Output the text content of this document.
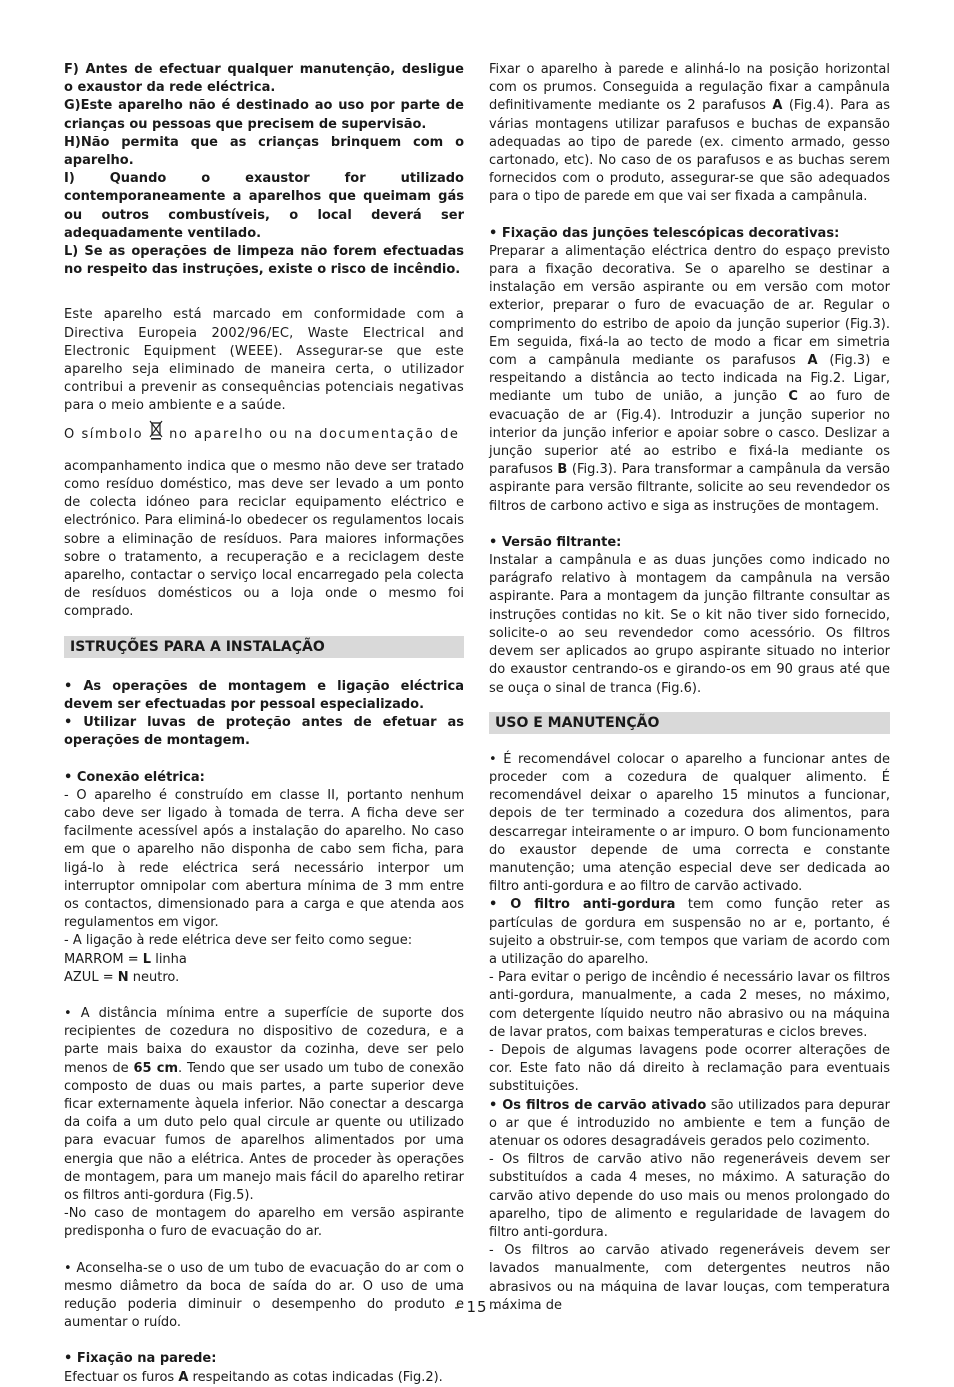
F) Antes de efectuar qualquer manutenção, desligue o exaustor da rede eléctrica.

G)Este aparelho não é destinado ao uso por parte de crianças ou pessoas que precisem de supervisão.

H)Não permita que as crianças brinquem com o aparelho.

I) Quando o exaustor for utilizado contemporaneamente a aparelhos que queimam gás ou outros combustíveis, o local deverá ser adequadamente ventilado.

L) Se as operações de limpeza não forem efectuadas no respeito das instruções, existe o risco de incêndio.

Este aparelho está marcado em conformidade com a Directiva Europeia 2002/96/EC, Waste Electrical and Electronic Equipment (WEEE). Assegurar-se que este aparelho seja eliminado de maneira certa, o utilizador contribui a prevenir as consequências potenciais negativas para o meio ambiente e a saúde.

O símbolo no aparelho ou na documentação de

acompanhamento indica que o mesmo não deve ser tratado como resíduo doméstico, mas deve ser levado a um ponto de colecta idóneo para reciclar equipamento eléctrico e electrónico. Para eliminá-lo obedecer os regulamentos locais sobre a eliminação de resíduos. Para maiores informações sobre o tratamento, a recuperação e a reciclagem deste aparelho, contactar o serviço local encarregado pela colecta de resíduos domésticos ou a loja onde o mesmo foi comprado.

ISTRUÇÕES PARA A INSTALAÇÃO

• As operações de montagem e ligação eléctrica devem ser efectuadas por pessoal especializado.

• Utilizar luvas de proteção antes de efetuar as operações de montagem.

• Conexão elétrica:

- O aparelho é construído em classe II, portanto nenhum cabo deve ser ligado à tomada de terra. A ficha deve ser facilmente acessível após a instalação do aparelho. No caso em que o aparelho não disponha de cabo sem ficha, para ligá-lo à rede eléctrica será necessário interpor um interruptor omnipolar com abertura mínima de 3 mm entre os contactos, dimensionado para a carga e que atenda aos regulamentos em vigor.

- A ligação à rede elétrica deve ser feito como segue:

MARROM = L linha

AZUL = N neutro.

• A distância mínima entre a superfície de suporte dos recipientes de cozedura no dispositivo de cozedura, e a parte mais baixa do exaustor da cozinha, deve ser pelo menos de 65 cm. Tendo que ser usado um tubo de conexão composto de duas ou mais partes, a parte superior deve ficar externamente àquela inferior. Não conectar a descarga da coifa a um duto pelo qual circule ar quente ou utilizado para evacuar fumos de aparelhos alimentados por uma energia que não a elétrica. Antes de proceder às operações de montagem, para um manejo mais fácil do aparelho retirar os filtros anti-gordura (Fig.5).

-No caso de montagem do aparelho em versão aspirante predisponha o furo de evacuação do ar.

• Aconselha-se o uso de um tubo de evacuação do ar com o mesmo diâmetro da boca de saída do ar. O uso de uma redução poderia diminuir o desempenho do produto e aumentar o ruído.

• Fixação na parede:

Efectuar os furos A respeitando as cotas indicadas (Fig.2).

Fixar o aparelho à parede e alinhá-lo na posição horizontal com os prumos. Conseguida a regulação fixar a campânula definitivamente mediante os 2 parafusos A (Fig.4). Para as várias montagens utilizar parafusos e buchas de expansão adequadas ao tipo de parede (ex. cimento armado, gesso cartonado, etc). No caso de os parafusos e as buchas serem fornecidos com o produto, assegurar-se que são adequados para o tipo de parede em que vai ser fixada a campânula.

• Fixação das junções telescópicas decorativas:

Preparar a alimentação eléctrica dentro do espaço previsto para a fixação decorativa. Se o aparelho se destinar a instalação em versão aspirante ou em versão com motor exterior, preparar o furo de evacuação de ar. Regular o comprimento do estribo de apoio da junção superior (Fig.3). Em seguida, fixá-la ao tecto de modo a ficar em simetria com a campânula mediante os parafusos A (Fig.3) e respeitando a distância ao tecto indicada na Fig.2. Ligar, mediante um tubo de união, a junção C ao furo de evacuação de ar (Fig.4). Introduzir a junção superior no interior da junção inferior e apoiar sobre o casco. Deslizar a junção superior até ao estribo e fixá-la mediante os parafusos B (Fig.3). Para transformar a campânula da versão aspirante para versão filtrante, solicite ao seu revendedor os filtros de carbono activo e siga as instruções de montagem.

• Versão filtrante:

Instalar a campânula e as duas junções como indicado no parágrafo relativo à montagem da campânula na versão aspirante. Para a montagem da junção filtrante consultar as instruções contidas no kit. Se o kit não tiver sido fornecido, solicite-o ao seu revendedor como acessório. Os filtros devem ser aplicados ao grupo aspirante situado no interior do exaustor centrando-os e girando-os em 90 graus até que se ouça o sinal de tranca (Fig.6).

USO E MANUTENÇÃO

• É recomendável colocar o aparelho a funcionar antes de proceder com a cozedura de qualquer alimento. É recomendável deixar o aparelho 15 minutos a funcionar, depois de ter terminado a cozedura dos alimentos, para descarregar inteiramente o ar impuro. O bom funcionamento do exaustor depende de uma correcta e constante manutenção; uma atenção especial deve ser dedicada ao filtro anti-gordura e ao filtro de carvão activado.

• O filtro anti-gordura tem como função reter as partículas de gordura em suspensão no ar e, portanto, é sujeito a obstruir-se, com tempos que variam de acordo com a utilização do aparelho.

- Para evitar o perigo de incêndio é necessário lavar os filtros anti-gordura, manualmente, a cada 2 meses, no máximo, com detergente líquido neutro não abrasivo ou na máquina de lavar pratos, com baixas temperaturas e ciclos breves.

- Depois de algumas lavagens pode ocorrer alterações de cor. Este fato não dá direito à reclamação para eventuais substituições.

• Os filtros de carvão ativado são utilizados para depurar o ar que é introduzido no ambiente e tem a função de atenuar os odores desagradáveis gerados pelo cozimento.

- Os filtros de carvão ativo não regeneráveis devem ser substituídos a cada 4 meses, no máximo. A saturação do carvão ativo depende do uso mais ou menos prolongado do aparelho, tipo de alimento e regularidade de lavagem do filtro anti-gordura.

- Os filtros ao carvão ativado regeneráveis devem ser lavados manualmente, com detergentes neutros não abrasivos ou na máquina de lavar louças, com temperatura máxima de

- 15 -
